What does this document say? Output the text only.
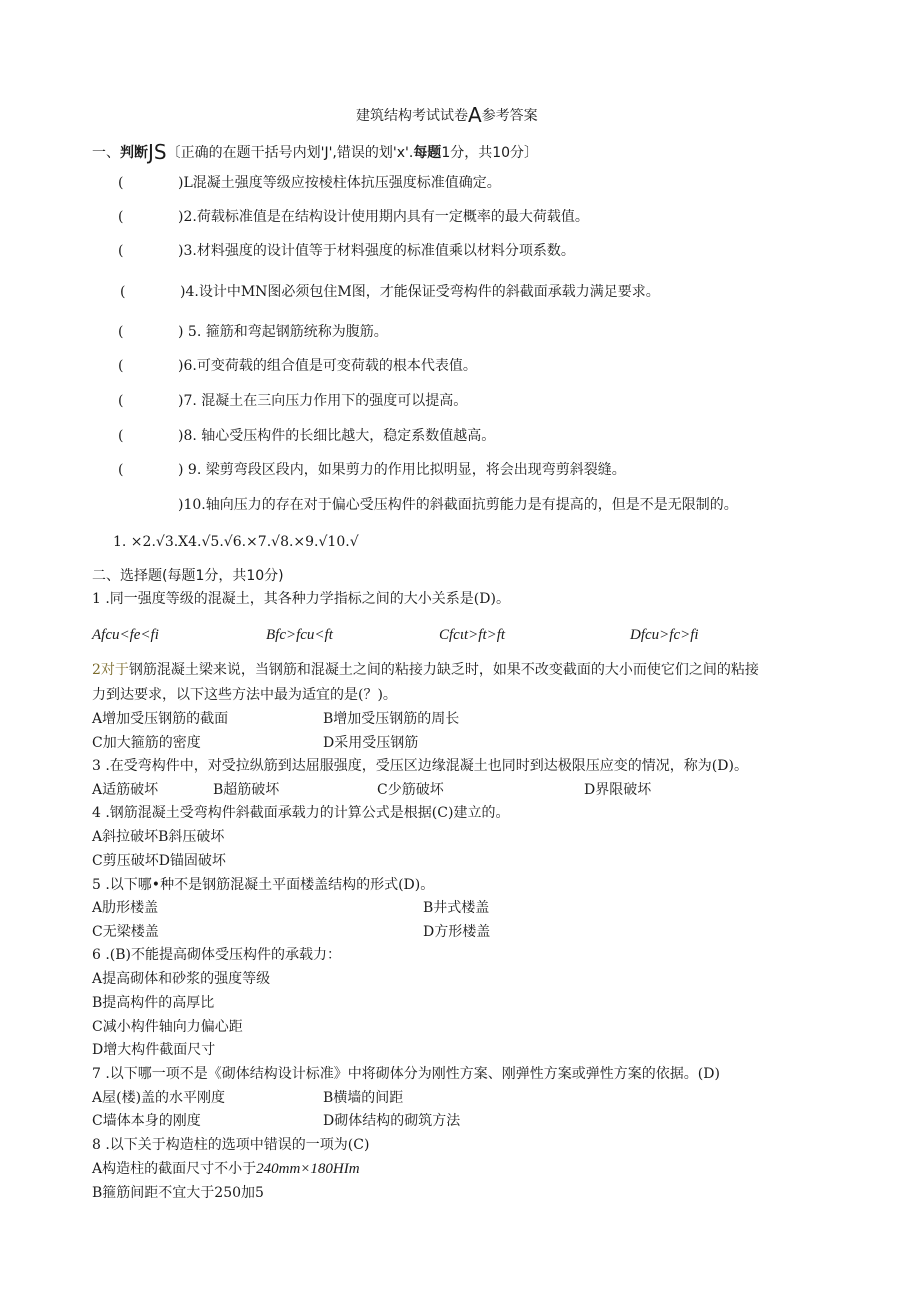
建筑结构考试试卷A参考答案
一、判断JS〔正确的在题干括号内划'J',错误的划'x'.每题1分，共10分〕
(	)L混凝土强度等级应按棱柱体抗压强度标准值确定。
(	)2.荷载标准值是在结构设计使用期内具有一定概率的最大荷载值。
(	)3.材料强度的设计值等于材料强度的标准值乘以材料分项系数。
(	)4.设计中MN图必须包住M图，才能保证受弯构件的斜截面承载力满足要求。
(	) 5. 箍筋和弯起钢筋统称为腹筋。
(	)6.可变荷载的组合值是可变荷载的根本代表值。
(	)7. 混凝土在三向压力作用下的强度可以提高。
(	)8. 轴心受压构件的长细比越大，稳定系数值越高。
(	) 9. 梁剪弯段区段内，如果剪力的作用比拟明显，将会出现弯剪斜裂缝。
)10.轴向压力的存在对于偏心受压构件的斜截面抗剪能力是有提高的，但是不是无限制的。
1. ×2.√3.X4.√5.√6.×7.√8.×9.√10.√
二、选择题(每题1分，共10分)
1 .同一强度等级的混凝土，其各种力学指标之间的大小关系是(D)。
Afcu<fe<fi	Bfc>fcu<ft	Cfcιt>ft>ft	Dfcu>fc>fi
2对于钢筋混凝土梁来说，当钢筋和混凝土之间的粘接力缺乏时，如果不改变截面的大小而使它们之间的粘接
力到达要求，以下这些方法中最为适宜的是(？)。
A增加受压钢筋的截面	B增加受压钢筋的周长
C加大箍筋的密度	D采用受压钢筋
3 .在受弯构件中，对受拉纵筋到达屈服强度，受压区边缘混凝土也同时到达极限压应变的情况，称为(D)。
A适筋破坏	B超筋破坏	C少筋破坏	D界限破坏
4 .钢筋混凝土受弯构件斜截面承载力的计算公式是根据(C)建立的。
A斜拉破坏B斜压破坏
C剪压破坏D锚固破坏
5 .以下哪•种不是钢筋混凝土平面楼盖结构的形式(D)。
A肋形楼盖	B井式楼盖
C无梁楼盖	D方形楼盖
6 .(B)不能提高砌体受压构件的承载力：
A提高砌体和砂浆的强度等级
B提高构件的高厚比
C减小构件轴向力偏心距
D增大构件截面尺寸
7 .以下哪一项不是《砌体结构设计标准》中将砌体分为刚性方案、刚弹性方案或弹性方案的依据。(D)
A屋(楼)盖的水平刚度	B横墙的间距
C墙体本身的刚度	D砌体结构的砌筑方法
8 .以下关于构造柱的选项中错误的一项为(C)
A构造柱的截面尺寸不小于240mm×180HIm
B箍筋间距不宜大于250加5
